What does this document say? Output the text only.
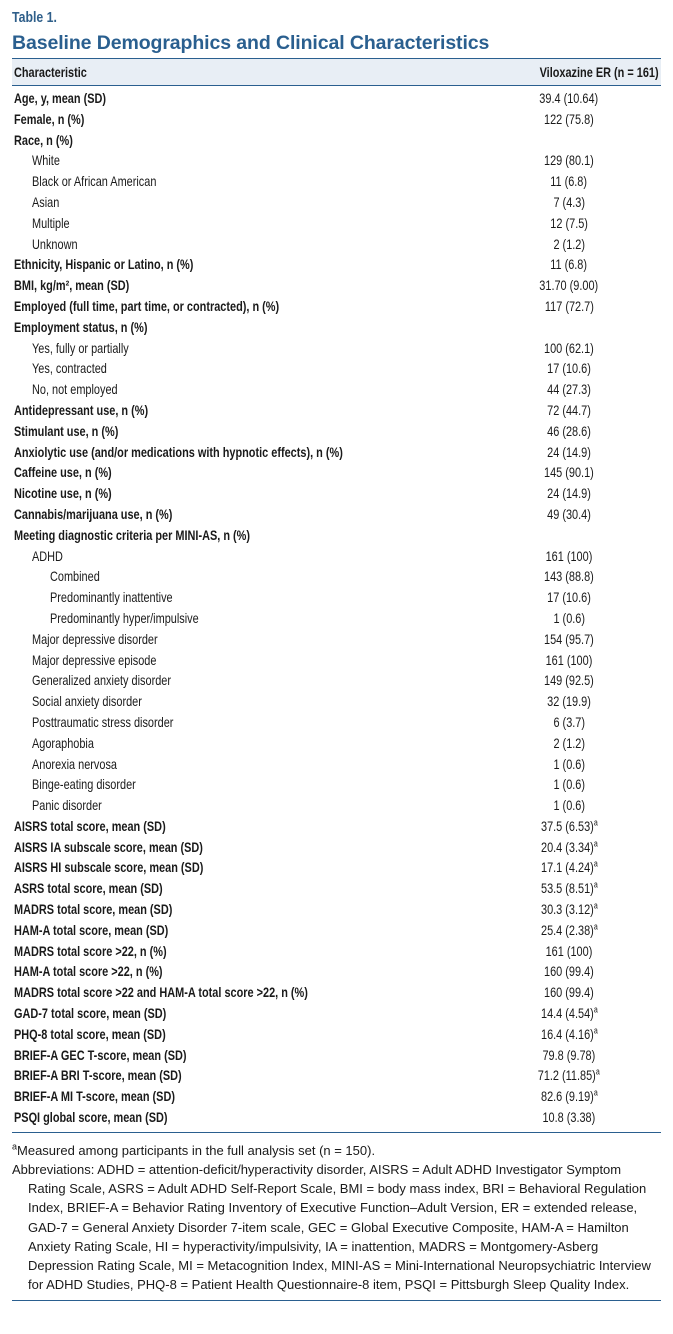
Table 1.
Baseline Demographics and Clinical Characteristics
Characteristic	Viloxazine ER (n = 161)
Age, y, mean (SD)	39.4 (10.64)
Female, n (%)	122 (75.8)
Race, n (%)
White	129 (80.1)
Black or African American	11 (6.8)
Asian	7 (4.3)
Multiple	12 (7.5)
Unknown	2 (1.2)
Ethnicity, Hispanic or Latino, n (%)	11 (6.8)
BMI, kg/m², mean (SD)	31.70 (9.00)
Employed (full time, part time, or contracted), n (%)	117 (72.7)
Employment status, n (%)
Yes, fully or partially	100 (62.1)
Yes, contracted	17 (10.6)
No, not employed	44 (27.3)
Antidepressant use, n (%)	72 (44.7)
Stimulant use, n (%)	46 (28.6)
Anxiolytic use (and/or medications with hypnotic effects), n (%)	24 (14.9)
Caffeine use, n (%)	145 (90.1)
Nicotine use, n (%)	24 (14.9)
Cannabis/marijuana use, n (%)	49 (30.4)
Meeting diagnostic criteria per MINI-AS, n (%)
ADHD	161 (100)
Combined	143 (88.8)
Predominantly inattentive	17 (10.6)
Predominantly hyper/impulsive	1 (0.6)
Major depressive disorder	154 (95.7)
Major depressive episode	161 (100)
Generalized anxiety disorder	149 (92.5)
Social anxiety disorder	32 (19.9)
Posttraumatic stress disorder	6 (3.7)
Agoraphobia	2 (1.2)
Anorexia nervosa	1 (0.6)
Binge-eating disorder	1 (0.6)
Panic disorder	1 (0.6)
AISRS total score, mean (SD)	37.5 $(6.53)^a$
AISRS IA subscale score, mean (SD)	20.4 $(3.34)^a$
AISRS HI subscale score, mean (SD)	17.1 $(4.24)^a$
ASRS total score, mean (SD)	53.5 $(8.51)^a$
MADRS total score, mean (SD)	30.3 $(3.12)^a$
HAM-A total score, mean (SD)	25.4 $(2.38)^a$
MADRS total score >22, n (%)	161 (100)
HAM-A total score >22, n (%)	160 (99.4)
MADRS total score >22 and HAM-A total score >22, n (%)	160 (99.4)
GAD-7 total score, mean (SD)	14.4 $(4.54)^a$
PHQ-8 total score, mean (SD)	16.4 $(4.16)^a$
BRIEF-A GEC T-score, mean (SD)	79.8 (9.78)
BRIEF-A BRI T-score, mean (SD)	71.2 $(11.85)^a$
BRIEF-A MI T-score, mean (SD)	82.6 $(9.19)^a$
PSQI global score, mean (SD)	10.8 (3.38)
$^a$Measured among participants in the full analysis set (n = 150).
Abbreviations: ADHD = attention-deficit/hyperactivity disorder, AISRS = Adult ADHD Investigator Symptom Rating Scale, ASRS = Adult ADHD Self-Report Scale, BMI = body mass index, BRI = Behavioral Regulation Index, BRIEF-A = Behavior Rating Inventory of Executive Function–Adult Version, ER = extended release, GAD-7 = General Anxiety Disorder 7-item scale, GEC = Global Executive Composite, HAM-A = Hamilton Anxiety Rating Scale, HI = hyperactivity/impulsivity, IA = inattention, MADRS = Montgomery-Asberg Depression Rating Scale, MI = Metacognition Index, MINI-AS = Mini-International Neuropsychiatric Interview for ADHD Studies, PHQ-8 = Patient Health Questionnaire-8 item, PSQI = Pittsburgh Sleep Quality Index.
